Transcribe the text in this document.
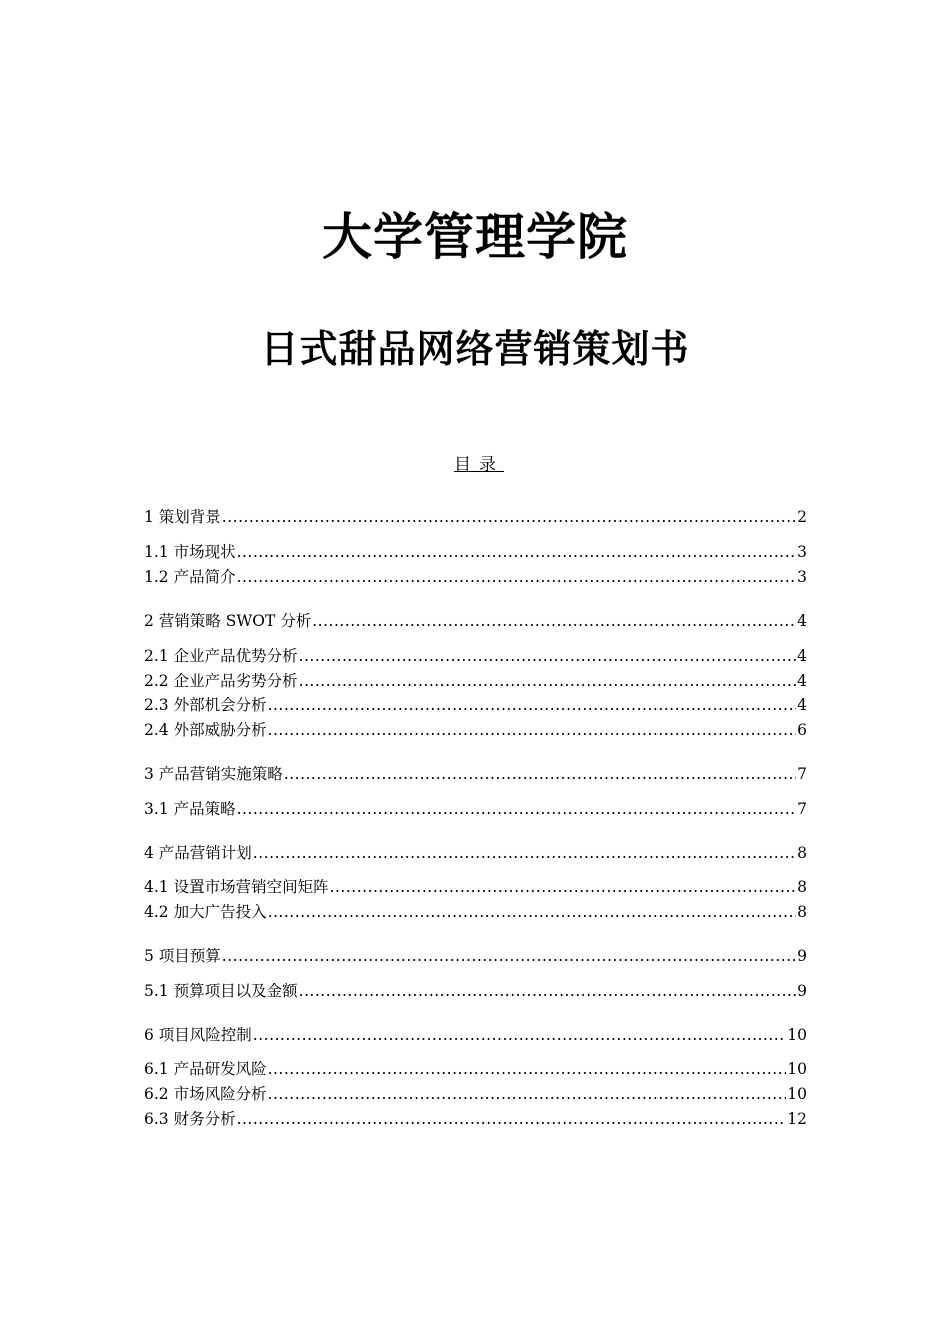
大学管理学院
日式甜品网络营销策划书
目录
1 策划背景 .....	2
1.1 市场现状 .....	3
1.2 产品简介 .....	3
2 营销策略 SWOT 分析 .....	4
2.1 企业产品优势分析 .....	4
2.2 企业产品劣势分析 .....	4
2.3 外部机会分析 .....	4
2.4 外部威胁分析 .....	6
3 产品营销实施策略 .....	7
3.1 产品策略 .....	7
4 产品营销计划 .....	8
4.1 设置市场营销空间矩阵 .....	8
4.2 加大广告投入 .....	8
5 项目预算 .....	9
5.1 预算项目以及金额 .....	9
6 项目风险控制 .....	10
6.1 产品研发风险 .....	10
6.2 市场风险分析 .....	10
6.3 财务分析 .....	12
